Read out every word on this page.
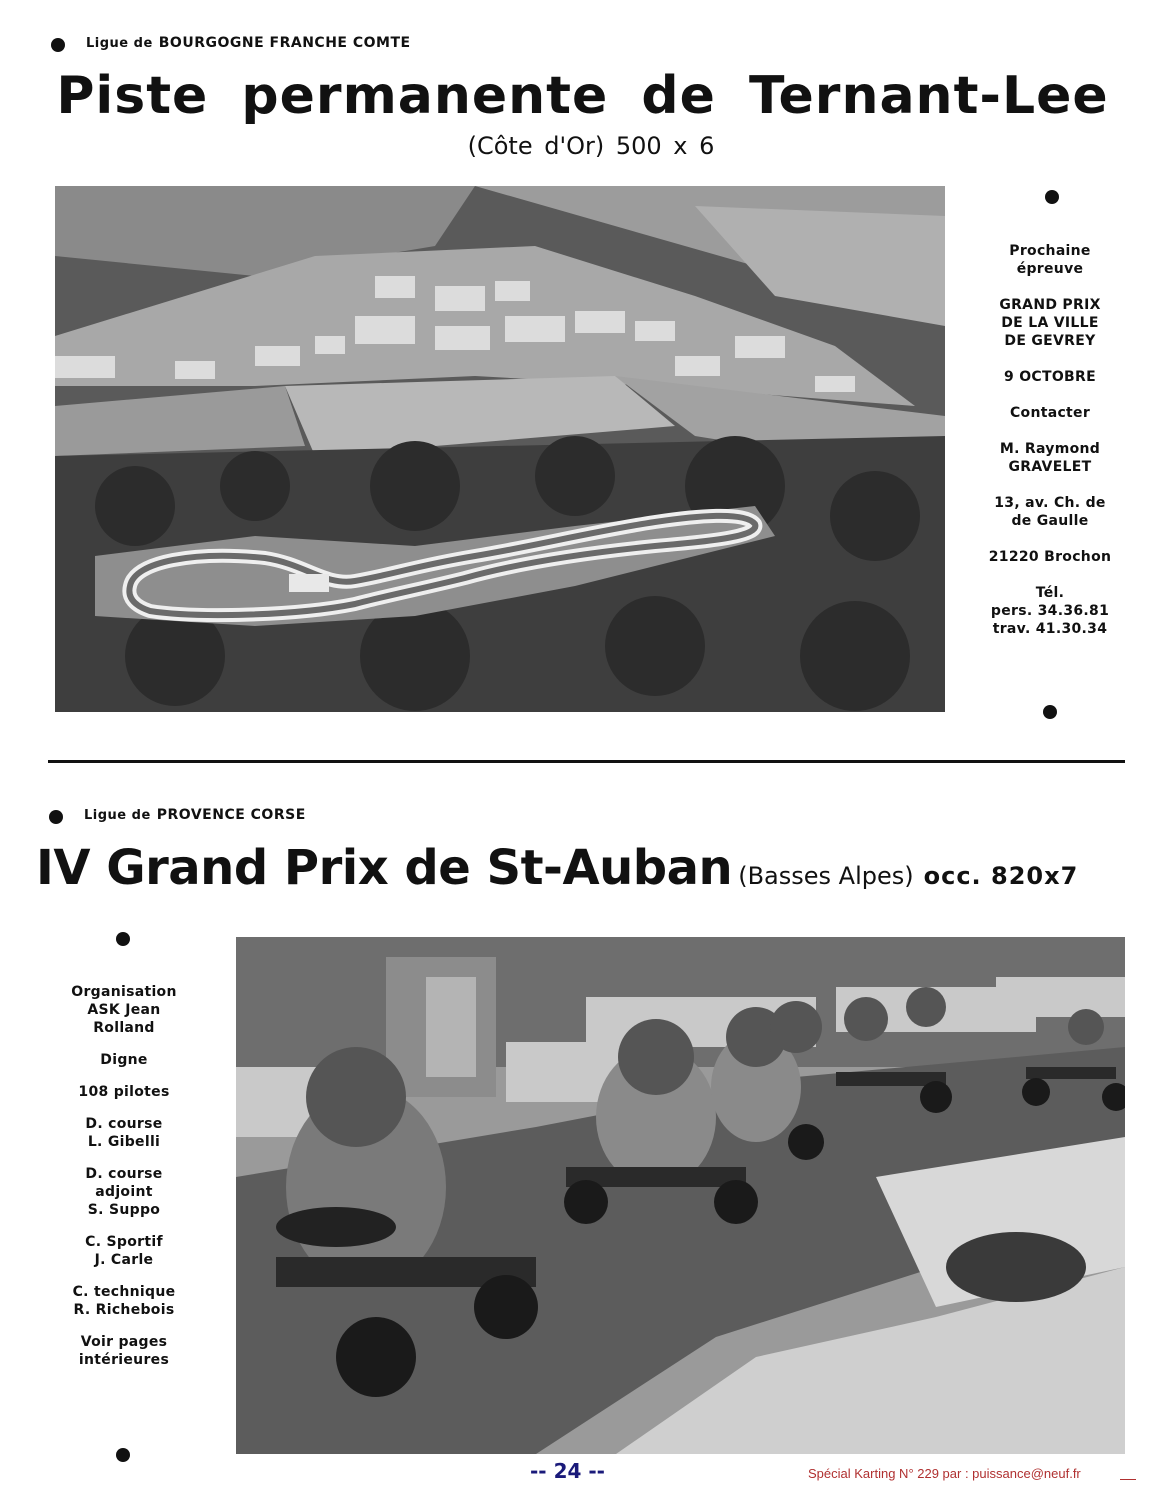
Ligue de BOURGOGNE FRANCHE COMTE
Piste permanente de Ternant-Lee
(Côte d'Or) 500 x 6
Prochaine
épreuve
GRAND PRIX
DE LA VILLE
DE GEVREY
9 OCTOBRE
Contacter
M. Raymond
GRAVELET
13, av. Ch. de
de Gaulle
21220 Brochon
Tél.
pers. 34.36.81
trav. 41.30.34
Ligue de PROVENCE CORSE
IV Grand Prix de St-Auban (Basses Alpes) occ. 820x7
Organisation
ASK Jean
Rolland
Digne
108 pilotes
D. course
L. Gibelli
D. course
adjoint
S. Suppo
C. Sportif
J. Carle
C. technique
R. Richebois
Voir pages
intérieures
-- 24 --	Spécial Karting N° 229 par : puissance@neuf.fr
